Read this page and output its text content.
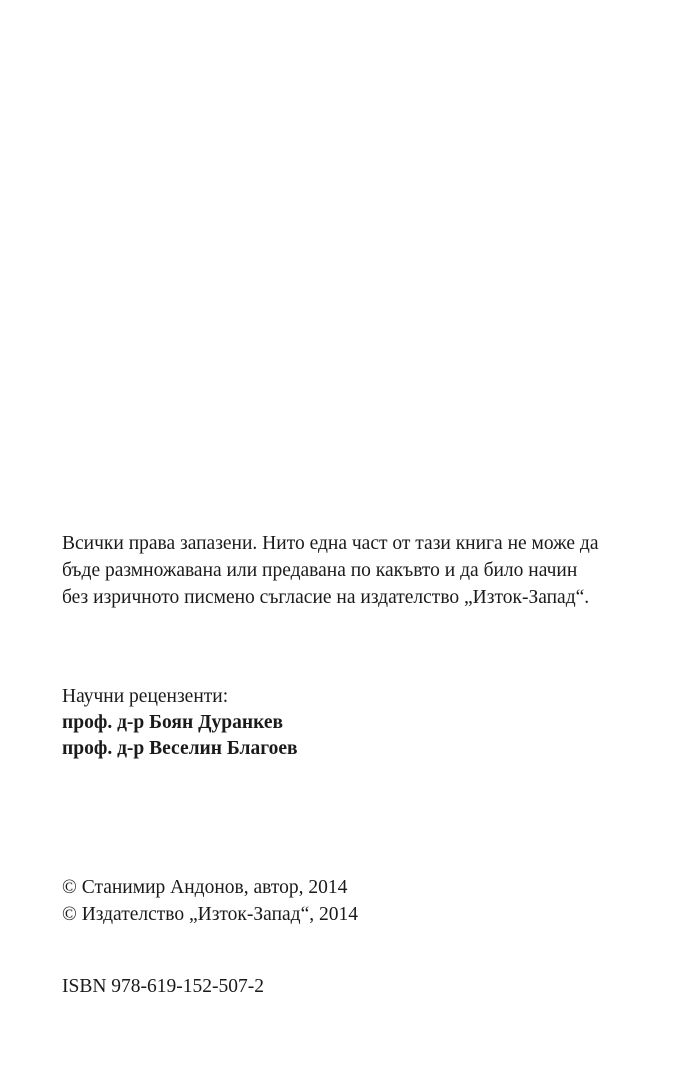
Всички права запазени. Нито една част от тази книга не може да
бъде размножавана или предавана по какъвто и да било начин
без изричното писмено съгласие на издателство „Изток-Запад“.

Научни рецензенти:
проф. д-р Боян Дуранкев
проф. д-р Веселин Благоев

© Станимир Андонов, автор, 2014
© Издателство „Изток-Запад“, 2014

ISBN 978-619-152-507-2
